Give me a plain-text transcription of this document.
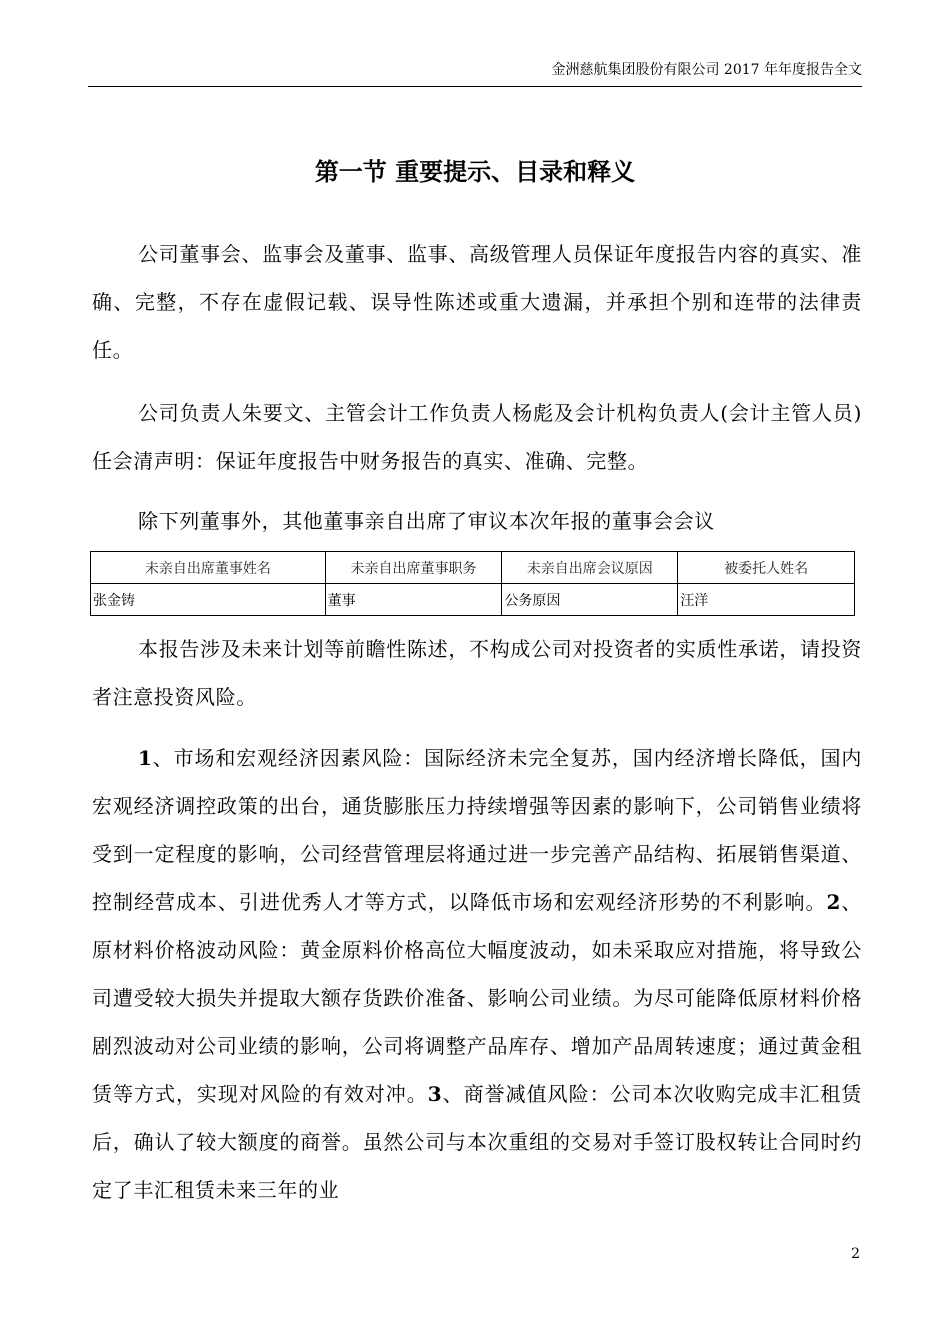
金洲慈航集团股份有限公司 2017 年年度报告全文
第一节 重要提示、目录和释义
公司董事会、监事会及董事、监事、高级管理人员保证年度报告内容的真实、准确、完整，不存在虚假记载、误导性陈述或重大遗漏，并承担个别和连带的法律责任。
公司负责人朱要文、主管会计工作负责人杨彪及会计机构负责人(会计主管人员)任会清声明：保证年度报告中财务报告的真实、准确、完整。
除下列董事外，其他董事亲自出席了审议本次年报的董事会会议
未亲自出席董事姓名	未亲自出席董事职务	未亲自出席会议原因	被委托人姓名
张金铸	董事	公务原因	汪洋
本报告涉及未来计划等前瞻性陈述，不构成公司对投资者的实质性承诺，请投资者注意投资风险。
1、市场和宏观经济因素风险：国际经济未完全复苏，国内经济增长降低，国内宏观经济调控政策的出台，通货膨胀压力持续增强等因素的影响下，公司销售业绩将受到一定程度的影响，公司经营管理层将通过进一步完善产品结构、拓展销售渠道、控制经营成本、引进优秀人才等方式，以降低市场和宏观经济形势的不利影响。2、原材料价格波动风险：黄金原料价格高位大幅度波动，如未采取应对措施，将导致公司遭受较大损失并提取大额存货跌价准备、影响公司业绩。为尽可能降低原材料价格剧烈波动对公司业绩的影响，公司将调整产品库存、增加产品周转速度；通过黄金租赁等方式，实现对风险的有效对冲。3、商誉减值风险：公司本次收购完成丰汇租赁后，确认了较大额度的商誉。虽然公司与本次重组的交易对手签订股权转让合同时约定了丰汇租赁未来三年的业
2
